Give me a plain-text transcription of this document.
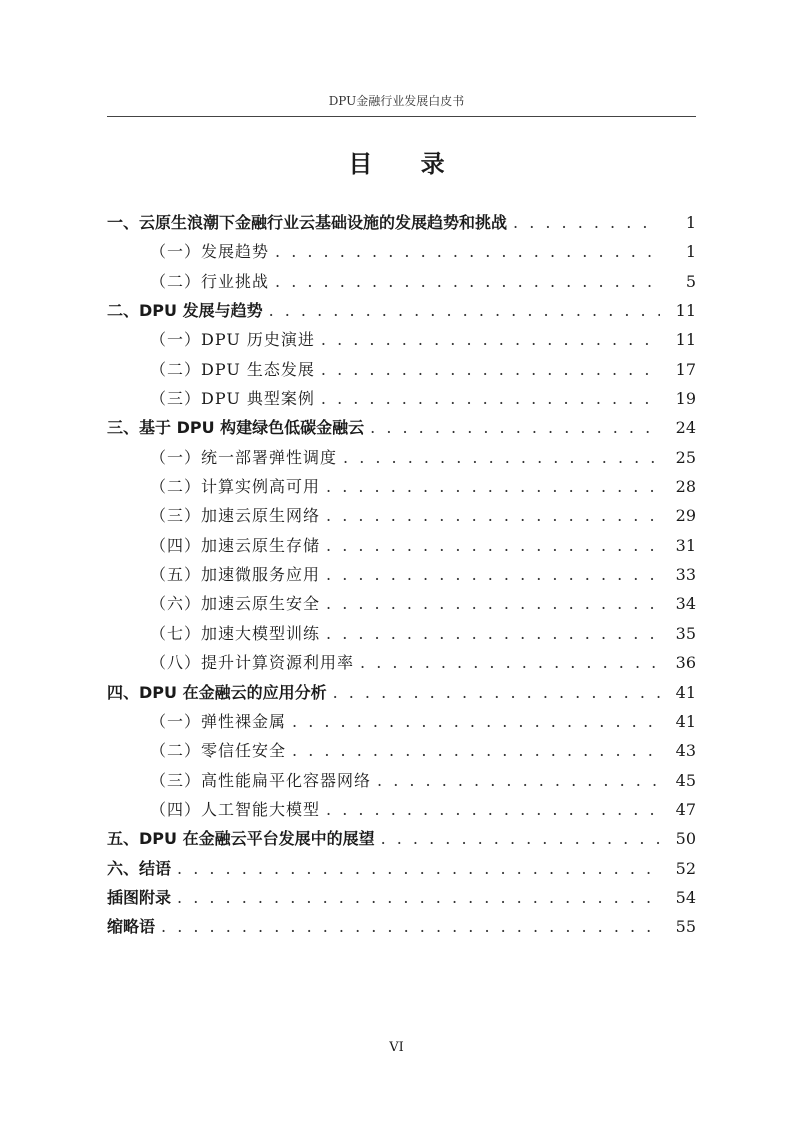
DPU金融行业发展白皮书
目 录
一、云原生浪潮下金融行业云基础设施的发展趋势和挑战 . . .	1
（一）发展趋势 . . .	1
（二）行业挑战 . . .	5
二、DPU 发展与趋势 . . .	11
（一）DPU 历史演进 . . .	11
（二）DPU 生态发展 . . .	17
（三）DPU 典型案例 . . .	19
三、基于 DPU 构建绿色低碳金融云 . . .	24
（一）统一部署弹性调度 . . .	25
（二）计算实例高可用 . . .	28
（三）加速云原生网络 . . .	29
（四）加速云原生存储 . . .	31
（五）加速微服务应用 . . .	33
（六）加速云原生安全 . . .	34
（七）加速大模型训练 . . .	35
（八）提升计算资源利用率 . . .	36
四、DPU 在金融云的应用分析 . . .	41
（一）弹性裸金属 . . .	41
（二）零信任安全 . . .	43
（三）高性能扁平化容器网络 . . .	45
（四）人工智能大模型 . . .	47
五、DPU 在金融云平台发展中的展望 . . .	50
六、结语 . . .	52
插图附录 . . .	54
缩略语 . . .	55
VI
